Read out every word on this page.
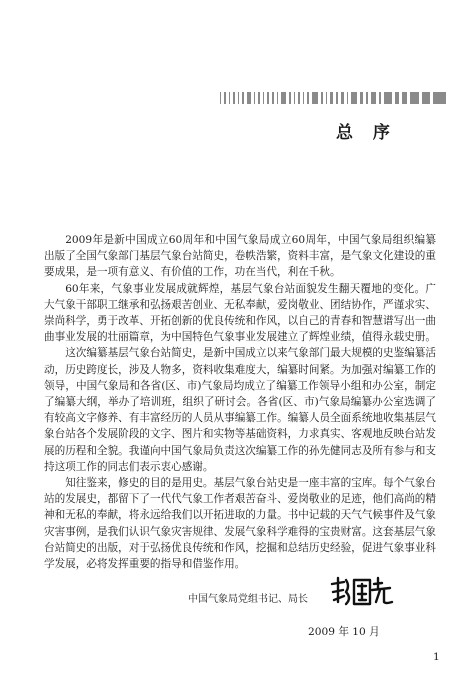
总 序

2009年是新中国成立60周年和中国气象局成立60周年，中国气象局组织编纂出版了全国气象部门基层气象台站简史，卷帙浩繁，资料丰富，是气象文化建设的重要成果，是一项有意义、有价值的工作，功在当代，利在千秋。

60年来，气象事业发展成就辉煌，基层气象台站面貌发生翻天覆地的变化。广大气象干部职工继承和弘扬艰苦创业、无私奉献，爱岗敬业、团结协作，严谨求实、崇尚科学，勇于改革、开拓创新的优良传统和作风，以自己的青春和智慧谱写出一曲曲事业发展的壮丽篇章，为中国特色气象事业发展建立了辉煌业绩，值得永载史册。

这次编纂基层气象台站简史，是新中国成立以来气象部门最大规模的史鉴编纂活动，历史跨度长，涉及人物多，资料收集难度大，编纂时间紧。为加强对编纂工作的领导，中国气象局和各省(区、市)气象局均成立了编纂工作领导小组和办公室，制定了编纂大纲，举办了培训班，组织了研讨会。各省(区、市)气象局编纂办公室选调了有较高文字修养、有丰富经历的人员从事编纂工作。编纂人员全面系统地收集基层气象台站各个发展阶段的文字、图片和实物等基础资料，力求真实、客观地反映台站发展的历程和全貌。我谨向中国气象局负责这次编纂工作的孙先健同志及所有参与和支持这项工作的同志们表示衷心感谢。

知往鉴来，修史的目的是用史。基层气象台站史是一座丰富的宝库。每个气象台站的发展史，都留下了一代代气象工作者艰苦奋斗、爱岗敬业的足迹，他们高尚的精神和无私的奉献，将永远给我们以开拓进取的力量。书中记载的天气气候事件及气象灾害事例，是我们认识气象灾害规律、发展气象科学难得的宝贵财富。这套基层气象台站简史的出版，对于弘扬优良传统和作风，挖掘和总结历史经验，促进气象事业科学发展，必将发挥重要的指导和借鉴作用。

中国气象局党组书记、局长
2009 年 10 月
1
